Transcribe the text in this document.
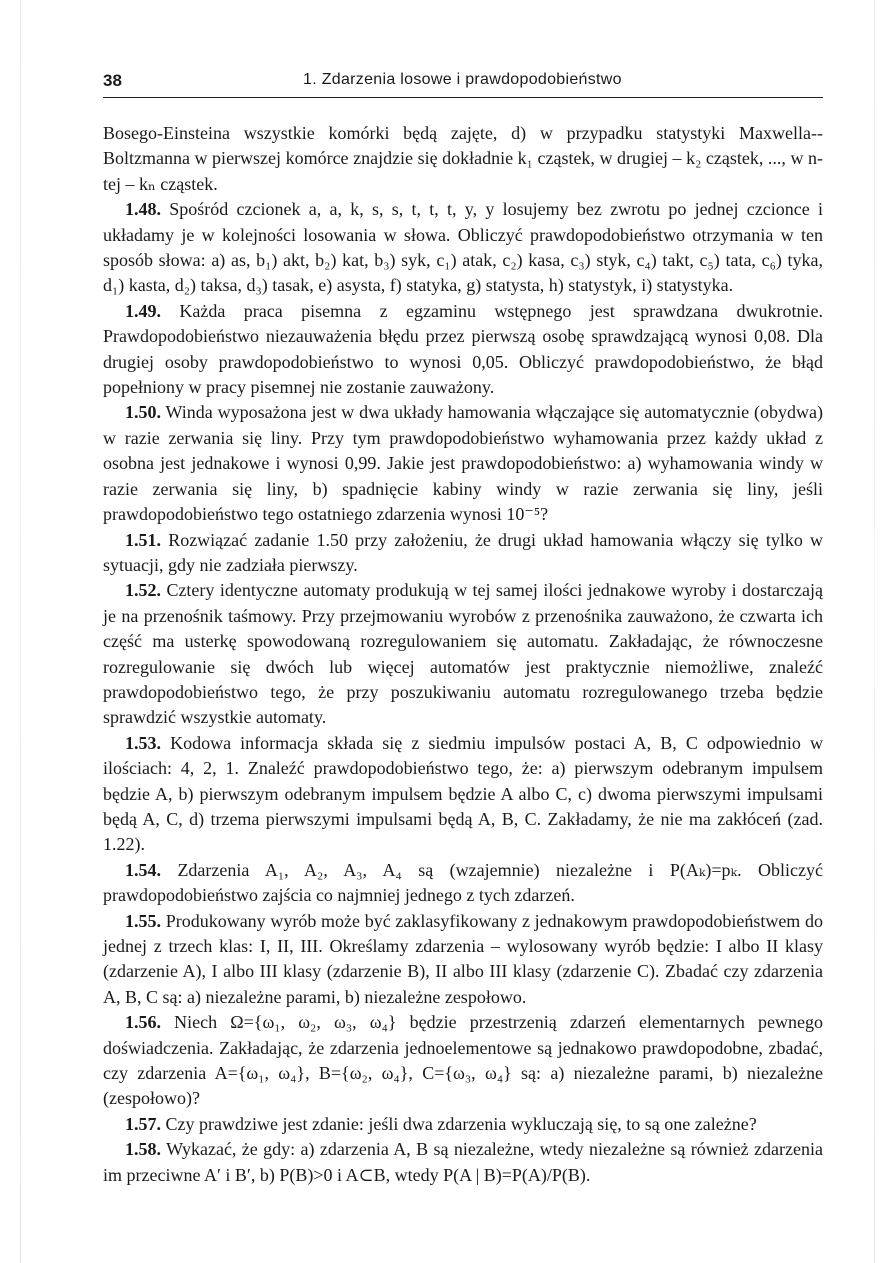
38	1. Zdarzenia losowe i prawdopodobieństwo

Bosego-Einsteina wszystkie komórki będą zajęte, d) w przypadku statystyki Maxwella--Boltzmanna w pierwszej komórce znajdzie się dokładnie k₁ cząstek, w drugiej – k₂ cząstek, ..., w n-tej – kₙ cząstek.

1.48. Spośród czcionek a, a, k, s, s, t, t, t, y, y losujemy bez zwrotu po jednej czcionce i układamy je w kolejności losowania w słowa. Obliczyć prawdopodobieństwo otrzymania w ten sposób słowa: a) as, b₁) akt, b₂) kat, b₃) syk, c₁) atak, c₂) kasa, c₃) styk, c₄) takt, c₅) tata, c₆) tyka, d₁) kasta, d₂) taksa, d₃) tasak, e) asysta, f) statyka, g) statysta, h) statystyk, i) statystyka.

1.49. Każda praca pisemna z egzaminu wstępnego jest sprawdzana dwukrotnie. Prawdopodobieństwo niezauważenia błędu przez pierwszą osobę sprawdzającą wynosi 0,08. Dla drugiej osoby prawdopodobieństwo to wynosi 0,05. Obliczyć prawdopodobieństwo, że błąd popełniony w pracy pisemnej nie zostanie zauważony.

1.50. Winda wyposażona jest w dwa układy hamowania włączające się automatycznie (obydwa) w razie zerwania się liny. Przy tym prawdopodobieństwo wyhamowania przez każdy układ z osobna jest jednakowe i wynosi 0,99. Jakie jest prawdopodobieństwo: a) wyhamowania windy w razie zerwania się liny, b) spadnięcie kabiny windy w razie zerwania się liny, jeśli prawdopodobieństwo tego ostatniego zdarzenia wynosi 10⁻⁵?

1.51. Rozwiązać zadanie 1.50 przy założeniu, że drugi układ hamowania włączy się tylko w sytuacji, gdy nie zadziała pierwszy.

1.52. Cztery identyczne automaty produkują w tej samej ilości jednakowe wyroby i dostarczają je na przenośnik taśmowy. Przy przejmowaniu wyrobów z przenośnika zauważono, że czwarta ich część ma usterkę spowodowaną rozregulowaniem się automatu. Zakładając, że równoczesne rozregulowanie się dwóch lub więcej automatów jest praktycznie niemożliwe, znaleźć prawdopodobieństwo tego, że przy poszukiwaniu automatu rozregulowanego trzeba będzie sprawdzić wszystkie automaty.

1.53. Kodowa informacja składa się z siedmiu impulsów postaci A, B, C odpowiednio w ilościach: 4, 2, 1. Znaleźć prawdopodobieństwo tego, że: a) pierwszym odebranym impulsem będzie A, b) pierwszym odebranym impulsem będzie A albo C, c) dwoma pierwszymi impulsami będą A, C, d) trzema pierwszymi impulsami będą A, B, C. Zakładamy, że nie ma zakłóceń (zad. 1.22).

1.54. Zdarzenia A₁, A₂, A₃, A₄ są (wzajemnie) niezależne i P(Aₖ)=pₖ. Obliczyć prawdopodobieństwo zajścia co najmniej jednego z tych zdarzeń.

1.55. Produkowany wyrób może być zaklasyfikowany z jednakowym prawdopodobieństwem do jednej z trzech klas: I, II, III. Określamy zdarzenia – wylosowany wyrób będzie: I albo II klasy (zdarzenie A), I albo III klasy (zdarzenie B), II albo III klasy (zdarzenie C). Zbadać czy zdarzenia A, B, C są: a) niezależne parami, b) niezależne zespołowo.

1.56. Niech Ω={ω₁, ω₂, ω₃, ω₄} będzie przestrzenią zdarzeń elementarnych pewnego doświadczenia. Zakładając, że zdarzenia jednoelementowe są jednakowo prawdopodobne, zbadać, czy zdarzenia A={ω₁, ω₄}, B={ω₂, ω₄}, C={ω₃, ω₄} są: a) niezależne parami, b) niezależne (zespołowo)?

1.57. Czy prawdziwe jest zdanie: jeśli dwa zdarzenia wykluczają się, to są one zależne?

1.58. Wykazać, że gdy: a) zdarzenia A, B są niezależne, wtedy niezależne są również zdarzenia im przeciwne A′ i B′, b) P(B)>0 i A⊂B, wtedy P(A | B)=P(A)/P(B).
